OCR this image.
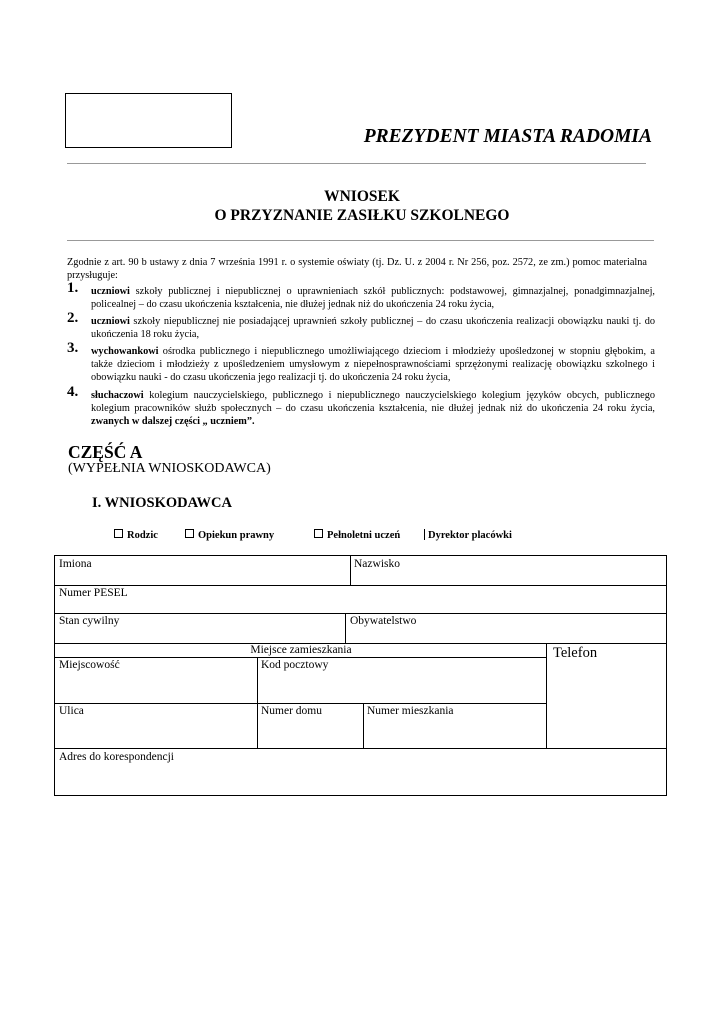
PREZYDENT MIASTA RADOMIA
WNIOSEK
O PRZYZNANIE ZASIŁKU SZKOLNEGO
Zgodnie z art. 90 b ustawy z dnia 7 września 1991 r. o systemie oświaty (tj. Dz. U. z 2004 r. Nr 256, poz. 2572, ze zm.) pomoc materialna przysługuje:
1. uczniowi szkoły publicznej i niepublicznej o uprawnieniach szkół publicznych: podstawowej, gimnazjalnej, ponadgimnazjalnej, policealnej – do czasu ukończenia kształcenia, nie dłużej jednak niż do ukończenia 24 roku życia,
2. uczniowi szkoły niepublicznej nie posiadającej uprawnień szkoły publicznej – do czasu ukończenia realizacji obowiązku nauki tj. do ukończenia 18 roku życia,
3. wychowankowi ośrodka publicznego i niepublicznego umożliwiającego dzieciom i młodzieży upośledzonej w stopniu głębokim, a także dzieciom i młodzieży z upośledzeniem umysłowym z niepełnosprawnościami sprzężonymi realizację obowiązku szkolnego i obowiązku nauki - do czasu ukończenia jego realizacji tj. do ukończenia 24 roku życia,
4. słuchaczowi kolegium nauczycielskiego, publicznego i niepublicznego nauczycielskiego kolegium języków obcych, publicznego kolegium pracowników służb społecznych – do czasu ukończenia kształcenia, nie dłużej jednak niż do ukończenia 24 roku życia, zwanych w dalszej części „ uczniem”.
CZĘŚĆ A
(WYPEŁNIA WNIOSKODAWCA)
I. WNIOSKODAWCA
Rodzic	Opiekun prawny	Pełnoletni uczeń	Dyrektor placówki
Imiona	Nazwisko
Numer PESEL
Stan cywilny	Obywatelstwo
Miejsce zamieszkania	Telefon
Miejscowość	Kod pocztowy
Ulica	Numer domu	Numer mieszkania
Adres do korespondencji
